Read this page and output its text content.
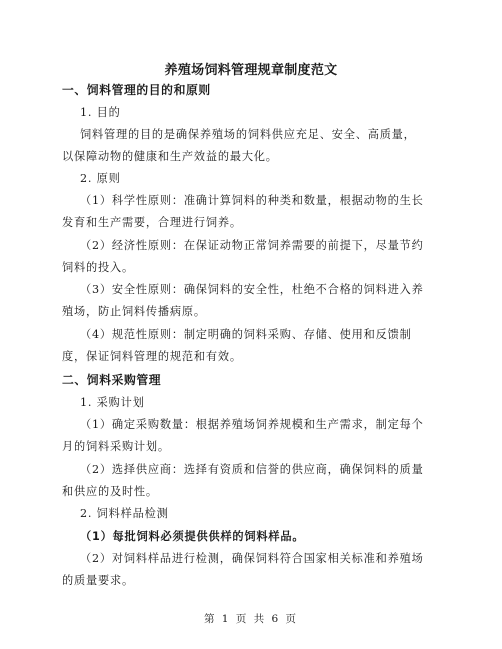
养殖场饲料管理规章制度范文
一、饲料管理的目的和原则
1. 目的
饲料管理的目的是确保养殖场的饲料供应充足、安全、高质量，
以保障动物的健康和生产效益的最大化。
2. 原则
（1）科学性原则：准确计算饲料的种类和数量，根据动物的生长
发育和生产需要，合理进行饲养。
（2）经济性原则：在保证动物正常饲养需要的前提下，尽量节约
饲料的投入。
（3）安全性原则：确保饲料的安全性，杜绝不合格的饲料进入养
殖场，防止饲料传播病原。
（4）规范性原则：制定明确的饲料采购、存储、使用和反馈制
度，保证饲料管理的规范和有效。
二、饲料采购管理
1. 采购计划
（1）确定采购数量：根据养殖场饲养规模和生产需求，制定每个
月的饲料采购计划。
（2）选择供应商：选择有资质和信誉的供应商，确保饲料的质量
和供应的及时性。
2. 饲料样品检测
（1）每批饲料必须提供供样的饲料样品。
（2）对饲料样品进行检测，确保饲料符合国家相关标准和养殖场
的质量要求。
第 1 页 共 6 页
